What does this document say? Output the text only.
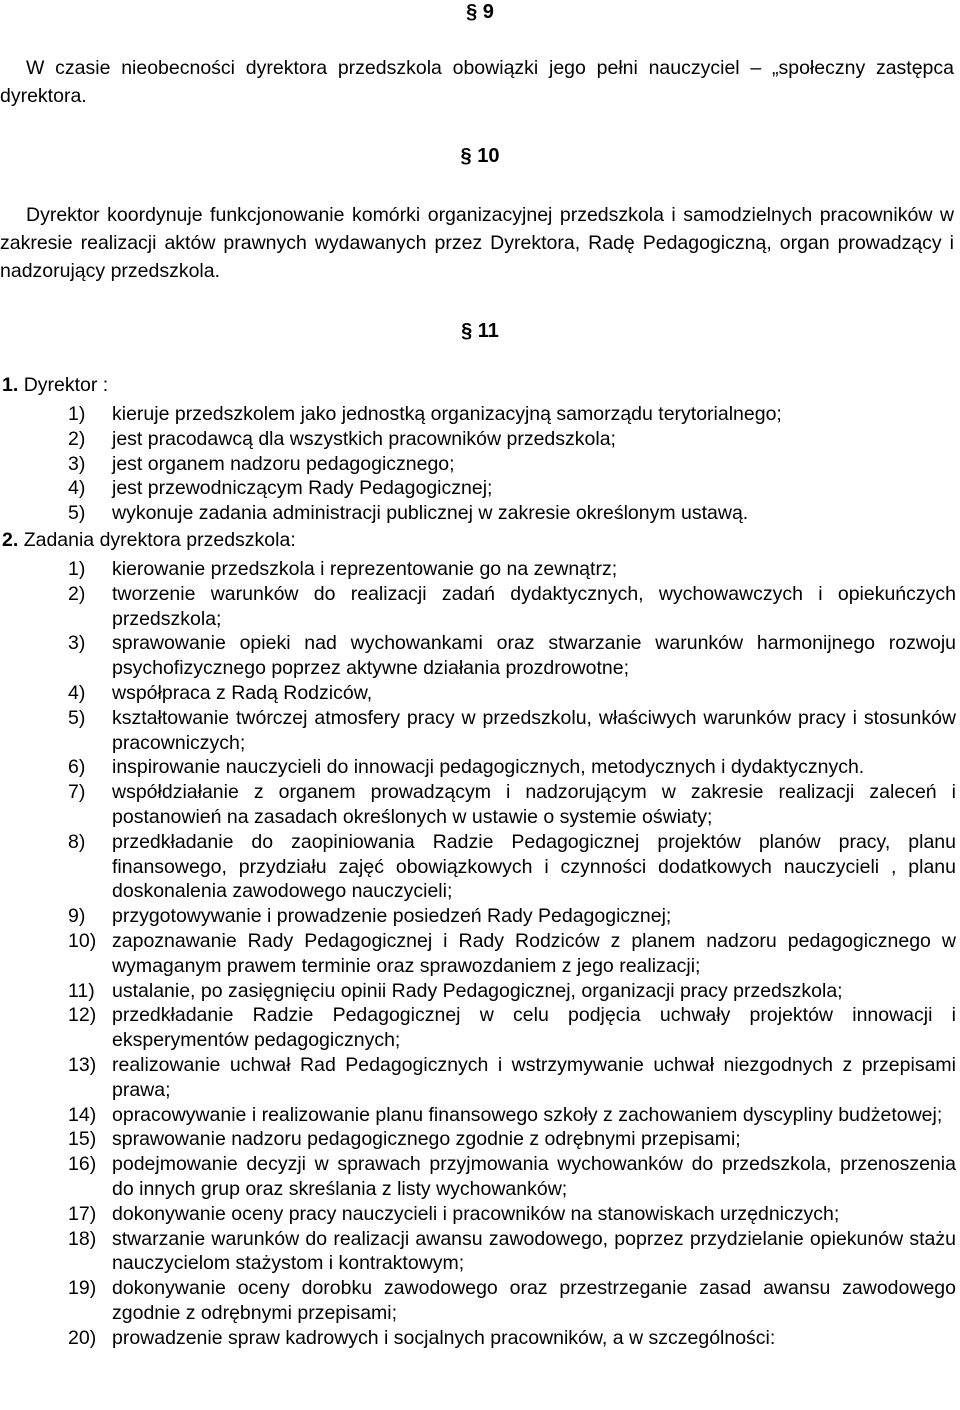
§ 9

W czasie nieobecności dyrektora przedszkola obowiązki jego pełni nauczyciel – „społeczny zastępca dyrektora.

§ 10

Dyrektor koordynuje funkcjonowanie komórki organizacyjnej przedszkola i samodzielnych pracowników w zakresie realizacji aktów prawnych wydawanych przez Dyrektora, Radę Pedagogiczną, organ prowadzący i nadzorujący przedszkola.

§ 11
1. Dyrektor :
1)	kieruje przedszkolem jako jednostką organizacyjną samorządu terytorialnego;
2)	jest pracodawcą dla wszystkich pracowników przedszkola;
3)	jest organem nadzoru pedagogicznego;
4)	jest przewodniczącym Rady Pedagogicznej;
5)	wykonuje zadania administracji publicznej w zakresie określonym ustawą.
2. Zadania dyrektora przedszkola:
1)	kierowanie przedszkola i reprezentowanie go na zewnątrz;
2)	tworzenie warunków do realizacji zadań dydaktycznych, wychowawczych i opiekuńczych przedszkola;
3)	sprawowanie opieki nad wychowankami oraz stwarzanie warunków harmonijnego rozwoju psychofizycznego poprzez aktywne działania prozdrowotne;
4)	współpraca z Radą Rodziców,
5)	kształtowanie twórczej atmosfery pracy w przedszkolu, właściwych warunków pracy i stosunków pracowniczych;
6)	inspirowanie nauczycieli do innowacji pedagogicznych, metodycznych i dydaktycznych.
7)	współdziałanie z organem prowadzącym i nadzorującym w zakresie realizacji zaleceń i postanowień na zasadach określonych w ustawie o systemie oświaty;
8)	przedkładanie do zaopiniowania Radzie Pedagogicznej projektów planów pracy, planu finansowego, przydziału zajęć obowiązkowych i czynności dodatkowych nauczycieli , planu doskonalenia zawodowego nauczycieli;
9)	przygotowywanie i prowadzenie posiedzeń Rady Pedagogicznej;
10) zapoznawanie Rady Pedagogicznej i Rady Rodziców z planem nadzoru pedagogicznego w wymaganym prawem terminie oraz sprawozdaniem z jego realizacji;
11) ustalanie, po zasięgnięciu opinii Rady Pedagogicznej, organizacji pracy przedszkola;
12) przedkładanie Radzie Pedagogicznej w celu podjęcia uchwały projektów innowacji i eksperymentów pedagogicznych;
13) realizowanie uchwał Rad Pedagogicznych i wstrzymywanie uchwał niezgodnych z przepisami prawa;
14) opracowywanie i realizowanie planu finansowego szkoły z zachowaniem dyscypliny budżetowej;
15) sprawowanie nadzoru pedagogicznego zgodnie z odrębnymi przepisami;
16) podejmowanie decyzji w sprawach przyjmowania wychowanków do przedszkola, przenoszenia do innych grup oraz skreślania z listy wychowanków;
17) dokonywanie oceny pracy nauczycieli i pracowników na stanowiskach urzędniczych;
18) stwarzanie warunków do realizacji awansu zawodowego, poprzez przydzielanie opiekunów stażu nauczycielom stażystom i kontraktowym;
19) dokonywanie oceny dorobku zawodowego oraz przestrzeganie zasad awansu zawodowego zgodnie z odrębnymi przepisami;
20) prowadzenie spraw kadrowych i socjalnych pracowników, a w szczególności:
